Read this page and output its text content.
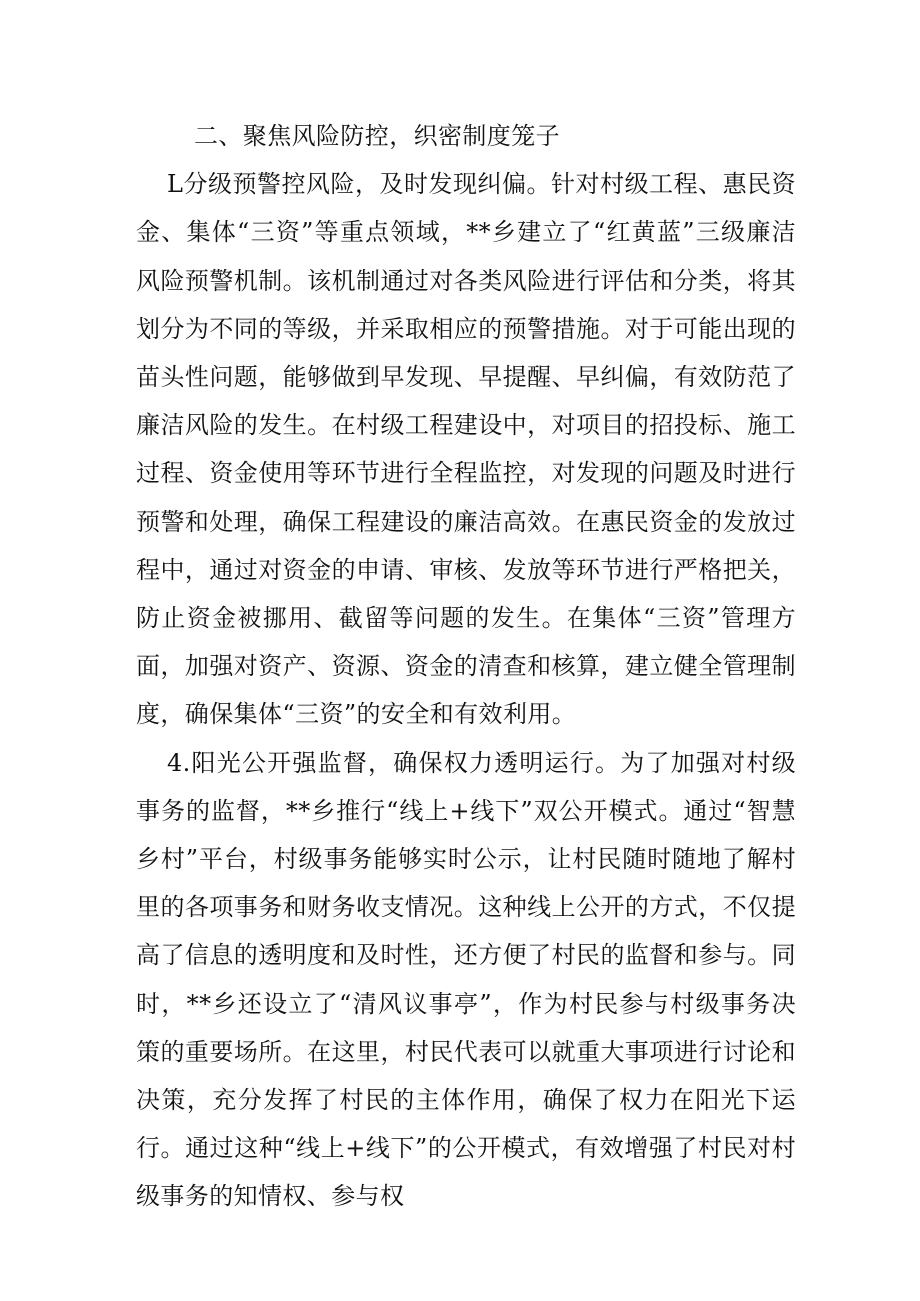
二、聚焦风险防控，织密制度笼子

L分级预警控风险，及时发现纠偏。针对村级工程、惠民资金、集体“三资”等重点领域，**乡建立了“红黄蓝”三级廉洁风险预警机制。该机制通过对各类风险进行评估和分类，将其划分为不同的等级，并采取相应的预警措施。对于可能出现的苗头性问题，能够做到早发现、早提醒、早纠偏，有效防范了廉洁风险的发生。在村级工程建设中，对项目的招投标、施工过程、资金使用等环节进行全程监控，对发现的问题及时进行预警和处理，确保工程建设的廉洁高效。在惠民资金的发放过程中，通过对资金的申请、审核、发放等环节进行严格把关，防止资金被挪用、截留等问题的发生。在集体“三资”管理方面，加强对资产、资源、资金的清查和核算，建立健全管理制度，确保集体“三资”的安全和有效利用。

4.阳光公开强监督，确保权力透明运行。为了加强对村级事务的监督，**乡推行“线上+线下”双公开模式。通过“智慧乡村”平台，村级事务能够实时公示，让村民随时随地了解村里的各项事务和财务收支情况。这种线上公开的方式，不仅提高了信息的透明度和及时性，还方便了村民的监督和参与。同时，**乡还设立了“清风议事亭”，作为村民参与村级事务决策的重要场所。在这里，村民代表可以就重大事项进行讨论和决策，充分发挥了村民的主体作用，确保了权力在阳光下运行。通过这种“线上+线下”的公开模式，有效增强了村民对村级事务的知情权、参与权
